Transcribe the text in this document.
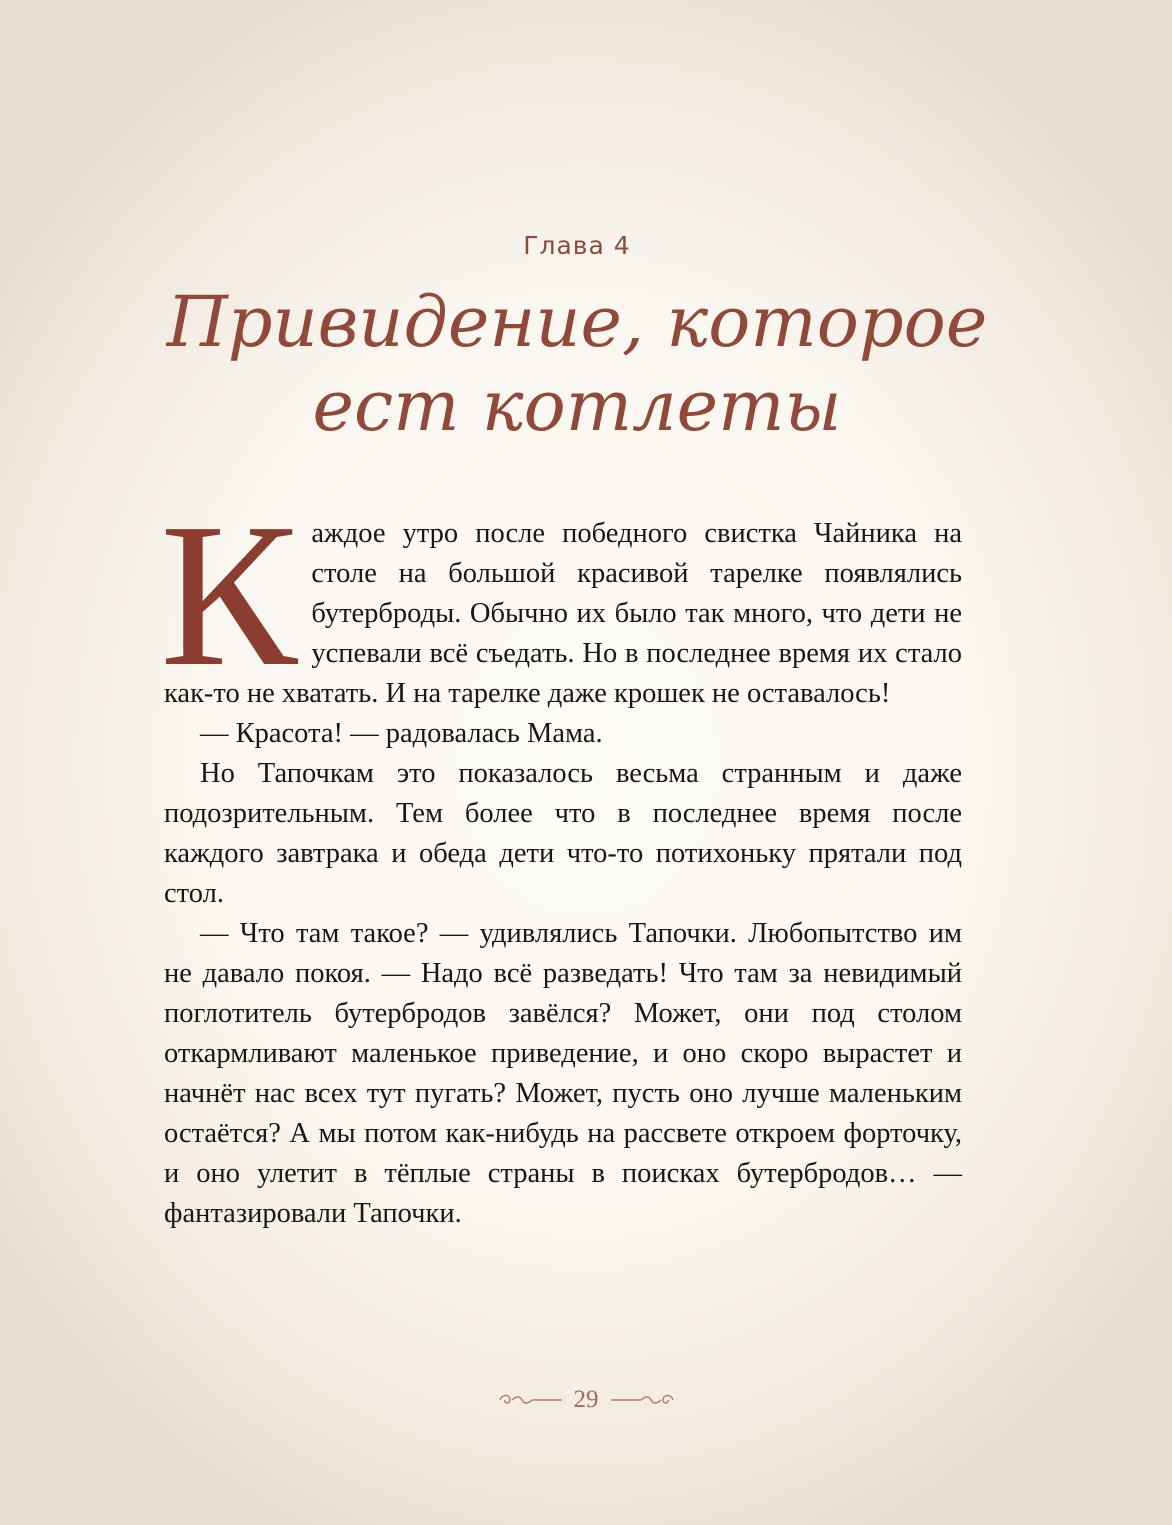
Глава 4
Привидение, которое
ест котлеты

Каждое утро после победного свистка Чайника на столе на большой красивой тарелке появлялись бутерброды. Обычно их было так много, что дети не успевали всё съедать. Но в последнее время их стало как-то не хватать. И на тарелке даже крошек не оставалось!

— Красота! — радовалась Мама.

Но Тапочкам это показалось весьма странным и даже подозрительным. Тем более что в последнее время после каждого завтрака и обеда дети что-то потихоньку прятали под стол.

— Что там такое? — удивлялись Тапочки. Любопытство им не давало покоя. — Надо всё разведать! Что там за невидимый поглотитель бутербродов завёлся? Может, они под столом откармливают маленькое приведение, и оно скоро вырастет и начнёт нас всех тут пугать? Может, пусть оно лучше маленьким остаётся? А мы потом как-нибудь на рассвете откроем форточку, и оно улетит в тёплые страны в поисках бутербродов… — фантазировали Тапочки.

29
